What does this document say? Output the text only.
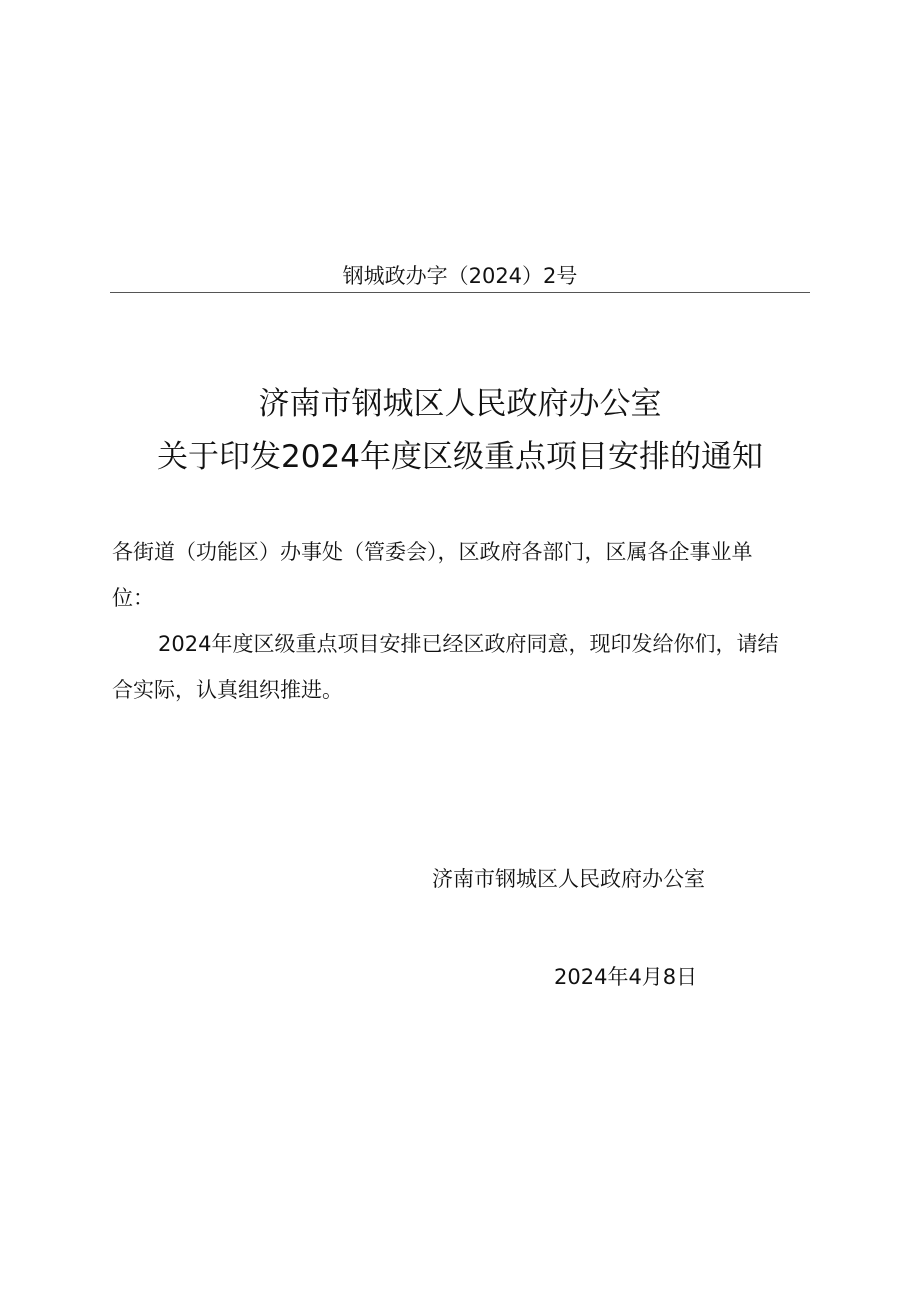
钢城政办字（2024）2号
济南市钢城区人民政府办公室
关于印发2024年度区级重点项目安排的通知
各街道（功能区）办事处（管委会），区政府各部门，区属各企事业单
位：
2024年度区级重点项目安排已经区政府同意，现印发给你们，请结
合实际，认真组织推进。
济南市钢城区人民政府办公室
2024年4月8日
